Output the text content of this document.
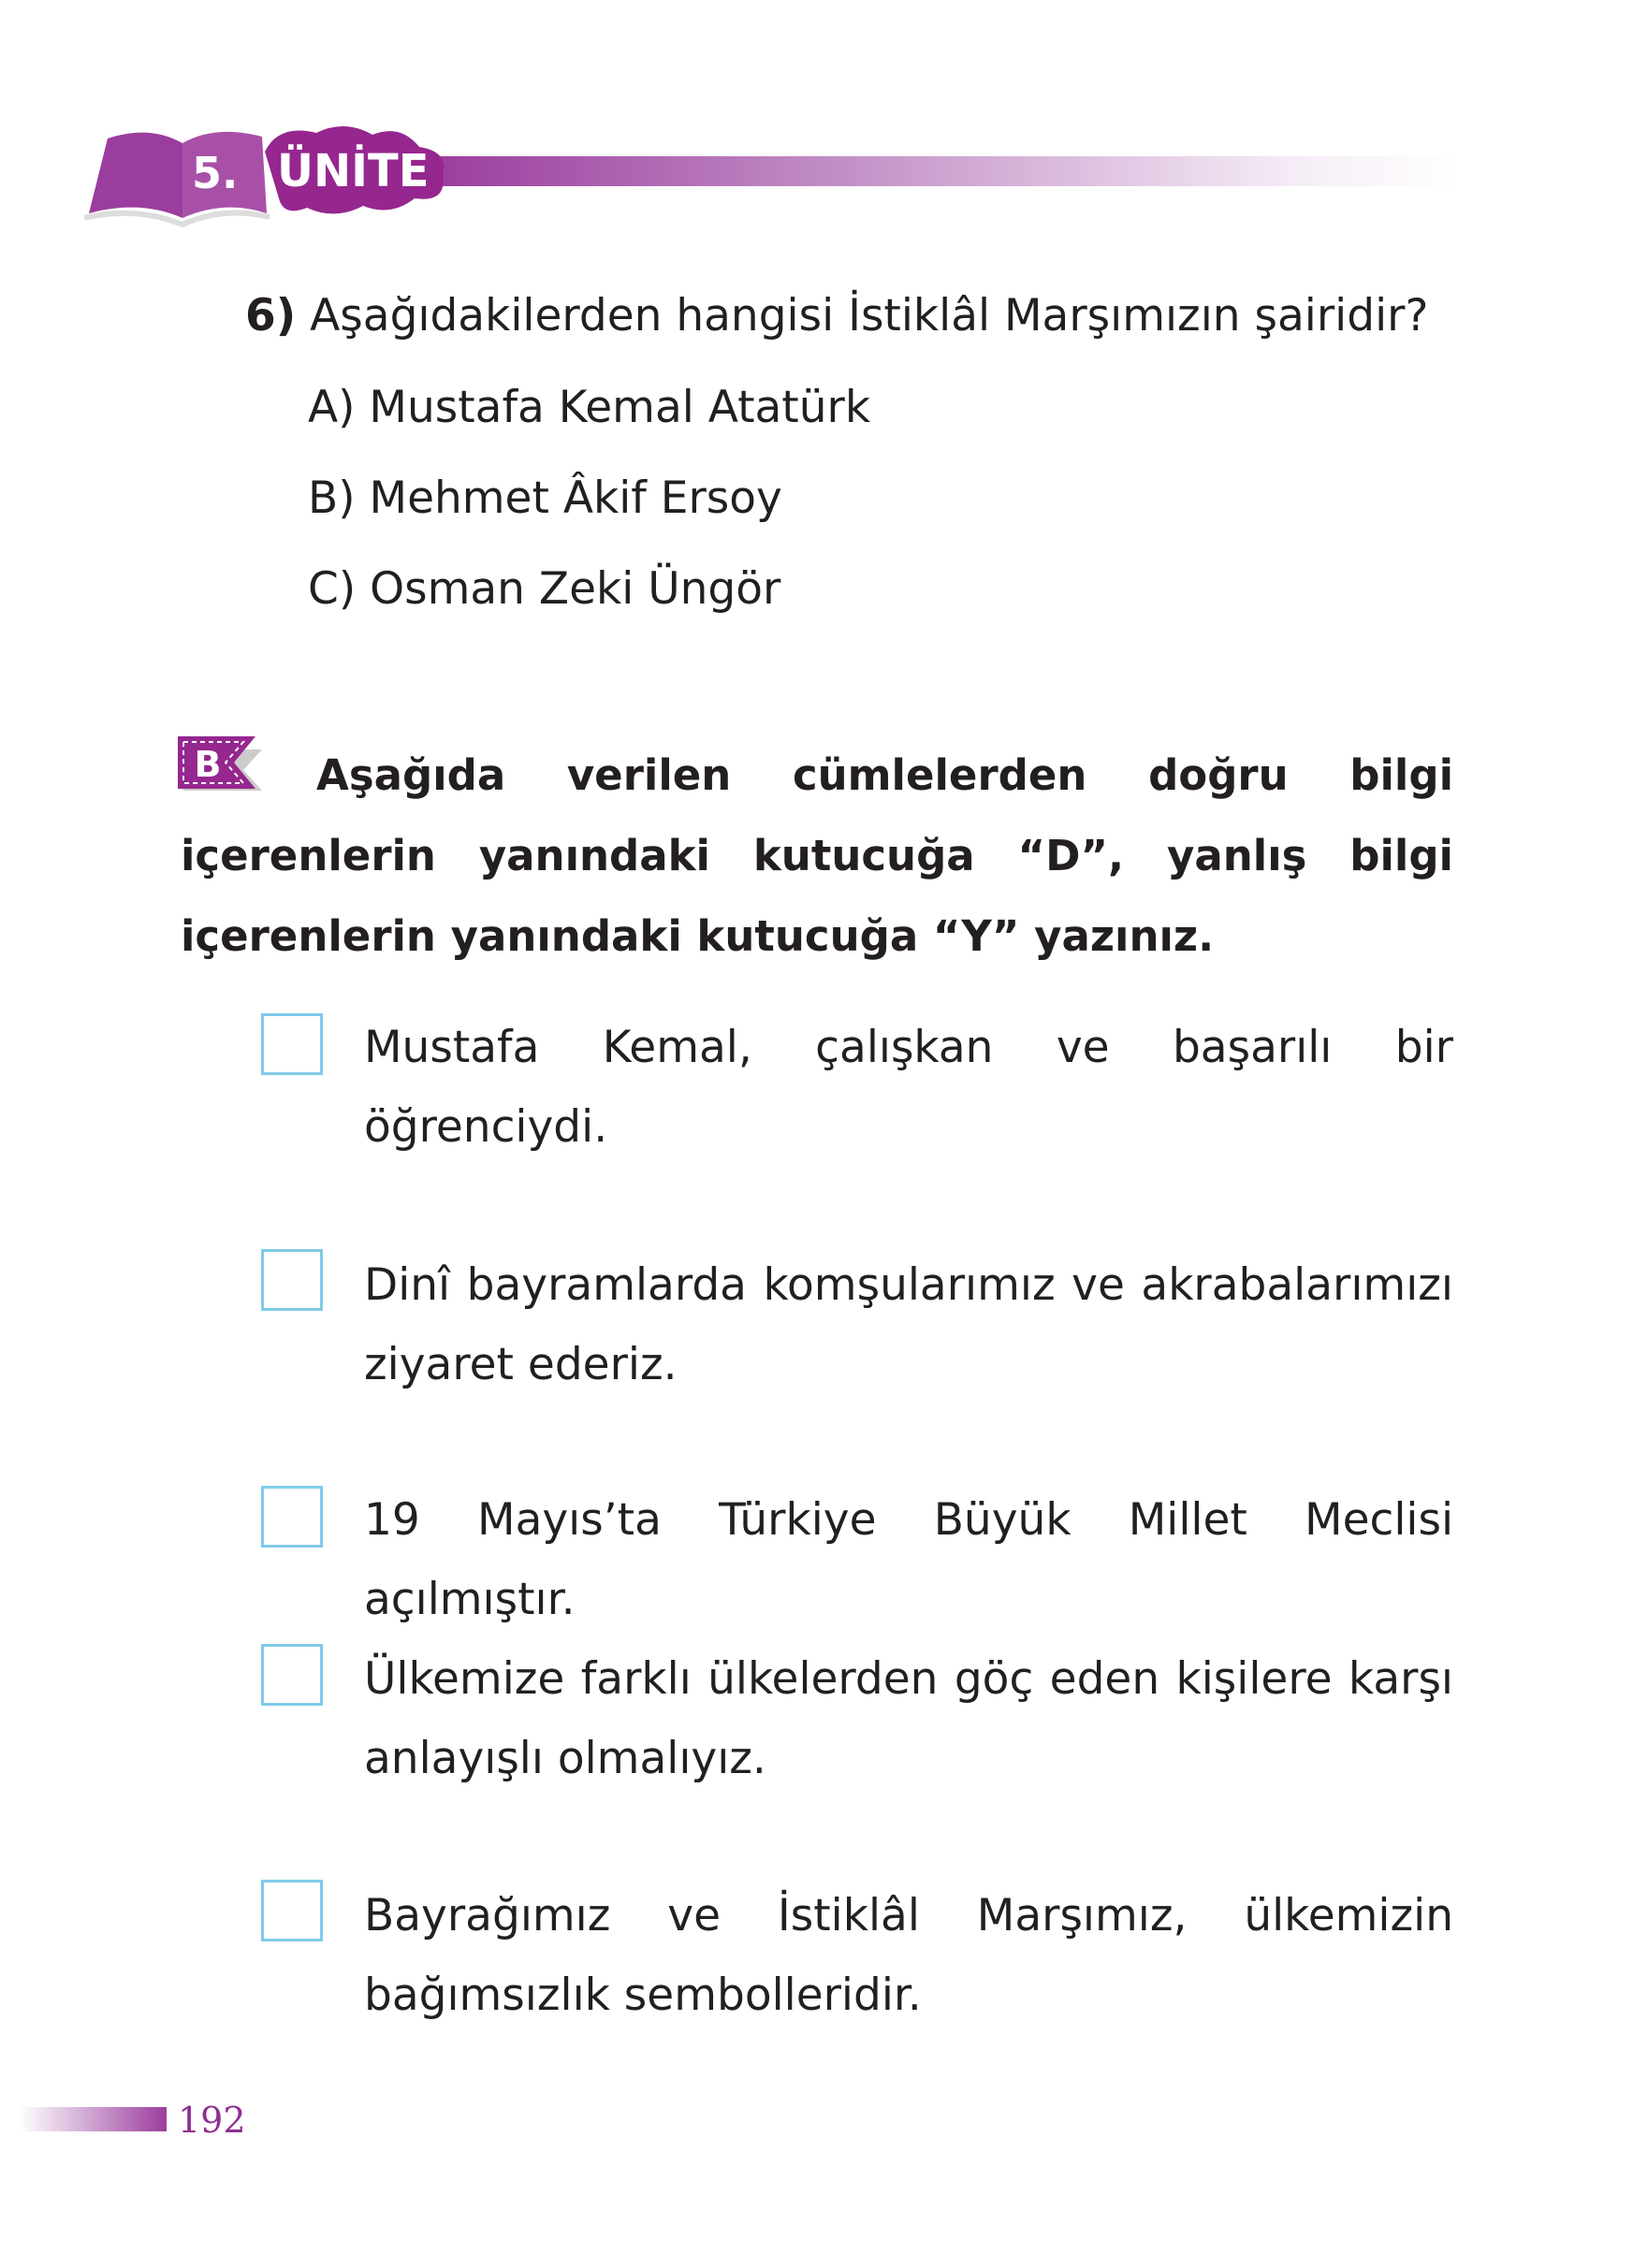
5. ÜNİTE
6) Aşağıdakilerden hangisi İstiklâl Marşımızın şairidir?
A) Mustafa Kemal Atatürk
B) Mehmet Âkif Ersoy
C) Osman Zeki Üngör
Aşağıda verilen cümlelerden doğru bilgi içerenlerin yanındaki kutucuğa “D”, yanlış bilgi içerenlerin yanındaki kutucuğa “Y” yazınız.
B
Mustafa Kemal, çalışkan ve başarılı bir öğrenciydi.
Dinî bayramlarda komşularımız ve akrabalarımızı ziyaret ederiz.
19 Mayıs’ta Türkiye Büyük Millet Meclisi açılmıştır.
Ülkemize farklı ülkelerden göç eden kişilere karşı anlayışlı olmalıyız.
Bayrağımız ve İstiklâl Marşımız, ülkemizin bağımsızlık sembolleridir.
192
